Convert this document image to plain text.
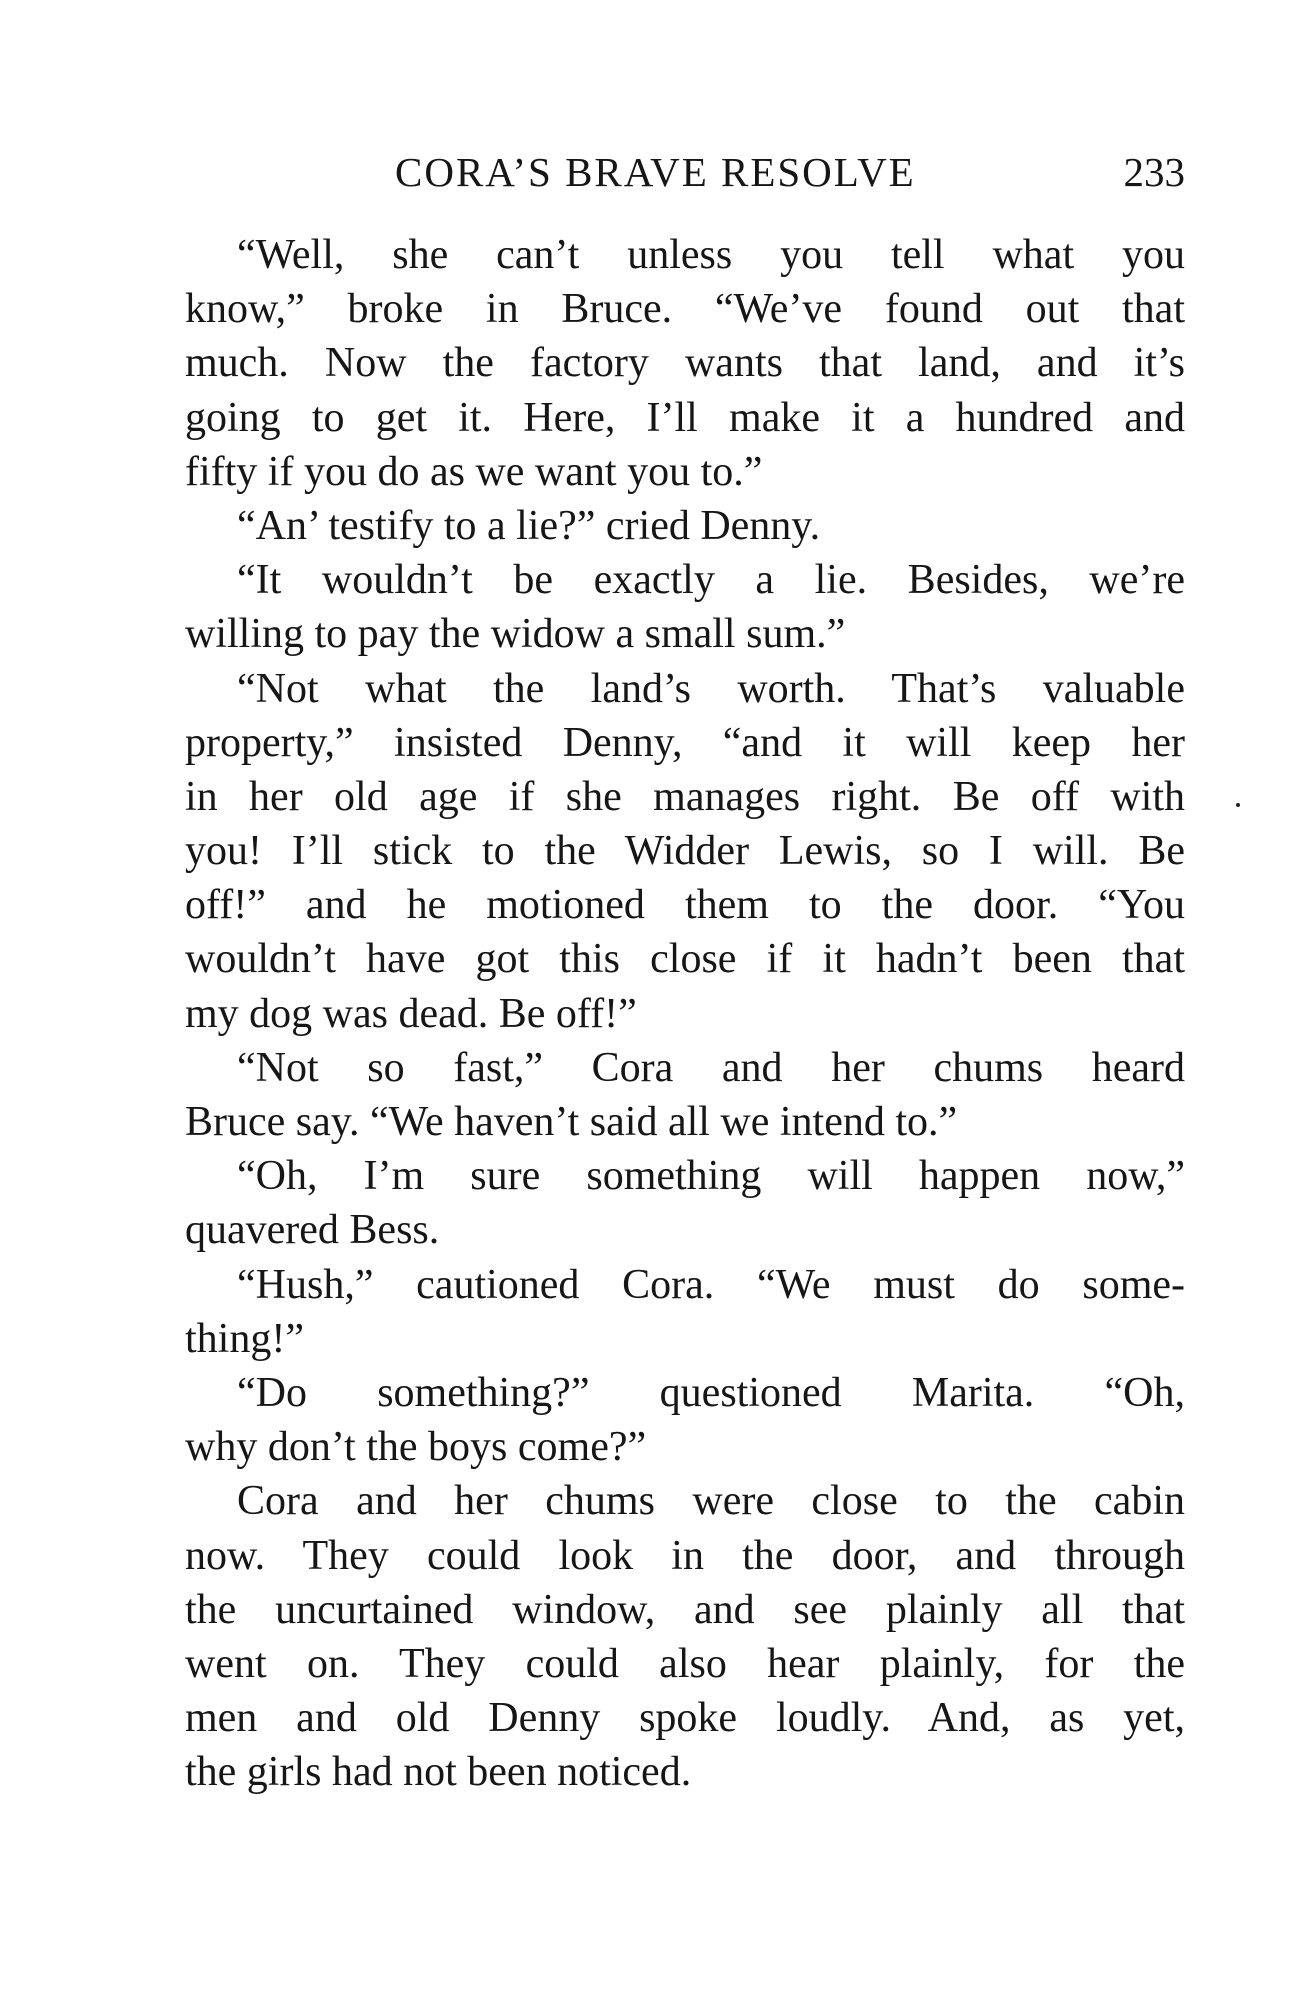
CORA’S BRAVE RESOLVE	233
“Well, she can’t unless you tell what you
know,” broke in Bruce. “We’ve found out that
much. Now the factory wants that land, and it’s
going to get it. Here, I’ll make it a hundred and
fifty if you do as we want you to.”
“An’ testify to a lie?” cried Denny.
“It wouldn’t be exactly a lie. Besides, we’re
willing to pay the widow a small sum.”
“Not what the land’s worth. That’s valuable
property,” insisted Denny, “and it will keep her
in her old age if she manages right. Be off with
you! I’ll stick to the Widder Lewis, so I will. Be
off!” and he motioned them to the door. “You
wouldn’t have got this close if it hadn’t been that
my dog was dead. Be off!”
“Not so fast,” Cora and her chums heard
Bruce say. “We haven’t said all we intend to.”
“Oh, I’m sure something will happen now,”
quavered Bess.
“Hush,” cautioned Cora. “We must do some-
thing!”
“Do something?” questioned Marita. “Oh,
why don’t the boys come?”
Cora and her chums were close to the cabin
now. They could look in the door, and through
the uncurtained window, and see plainly all that
went on. They could also hear plainly, for the
men and old Denny spoke loudly. And, as yet,
the girls had not been noticed.
